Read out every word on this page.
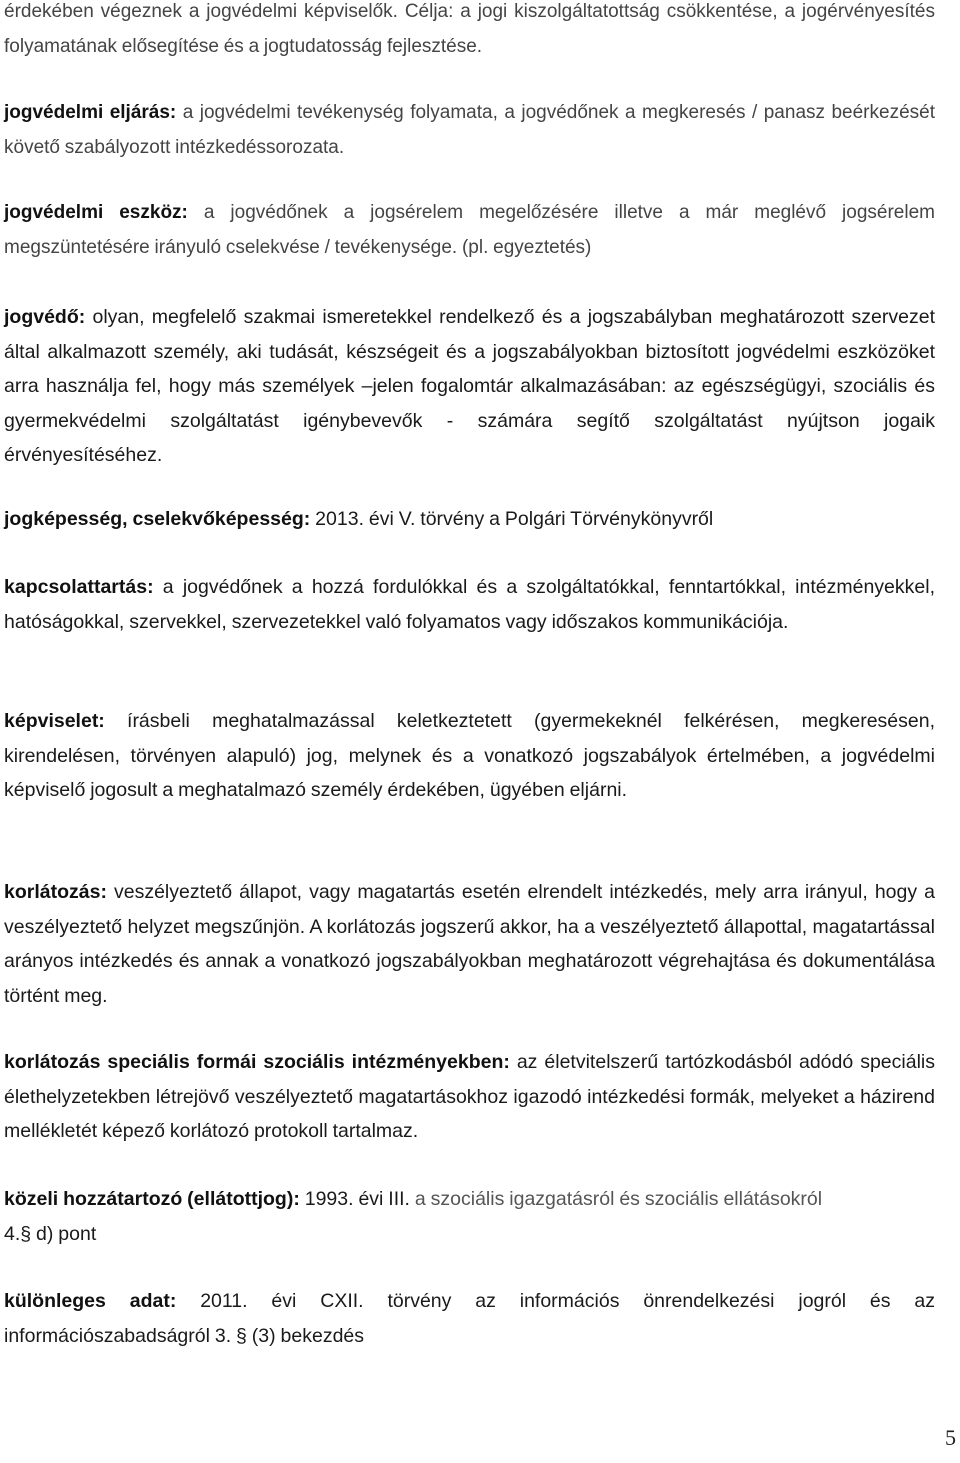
érdekében végeznek a jogvédelmi képviselők. Célja: a jogi kiszolgáltatottság csökkentése, a jogérvényesítés folyamatának elősegítése és a jogtudatosság fejlesztése.

jogvédelmi eljárás: a jogvédelmi tevékenység folyamata, a jogvédőnek a megkeresés / panasz beérkezését követő szabályozott intézkedéssorozata.

jogvédelmi eszköz: a jogvédőnek a jogsérelem megelőzésére illetve a már meglévő jogsérelem megszüntetésére irányuló cselekvése / tevékenysége. (pl. egyeztetés)

jogvédő: olyan, megfelelő szakmai ismeretekkel rendelkező és a jogszabályban meghatározott szervezet által alkalmazott személy, aki tudását, készségeit és a jogszabályokban biztosított jogvédelmi eszközöket arra használja fel, hogy más személyek –jelen fogalomtár alkalmazásában: az egészségügyi, szociális és gyermekvédelmi szolgáltatást igénybevevők - számára segítő szolgáltatást nyújtson jogaik érvényesítéséhez.

jogképesség, cselekvőképesség: 2013. évi V. törvény a Polgári Törvénykönyvről

kapcsolattartás: a jogvédőnek a hozzá fordulókkal és a szolgáltatókkal, fenntartókkal, intézményekkel, hatóságokkal, szervekkel, szervezetekkel való folyamatos vagy időszakos kommunikációja.

képviselet: írásbeli meghatalmazással keletkeztetett (gyermekeknél felkérésen, megkeresésen, kirendelésen, törvényen alapuló) jog, melynek és a vonatkozó jogszabályok értelmében, a jogvédelmi képviselő jogosult a meghatalmazó személy érdekében, ügyében eljárni.

korlátozás: veszélyeztető állapot, vagy magatartás esetén elrendelt intézkedés, mely arra irányul, hogy a veszélyeztető helyzet megszűnjön. A korlátozás jogszerű akkor, ha a veszélyeztető állapottal, magatartással arányos intézkedés és annak a vonatkozó jogszabályokban meghatározott végrehajtása és dokumentálása történt meg.

korlátozás speciális formái szociális intézményekben: az életvitelszerű tartózkodásból adódó speciális élethelyzetekben létrejövő veszélyeztető magatartásokhoz igazodó intézkedési formák, melyeket a házirend mellékletét képező korlátozó protokoll tartalmaz.

közeli hozzátartozó (ellátottjog): 1993. évi III. a szociális igazgatásról és szociális ellátásokról
4.§ d) pont

különleges adat: 2011. évi CXII. törvény az információs önrendelkezési jogról és az információszabadságról 3. § (3) bekezdés

5
